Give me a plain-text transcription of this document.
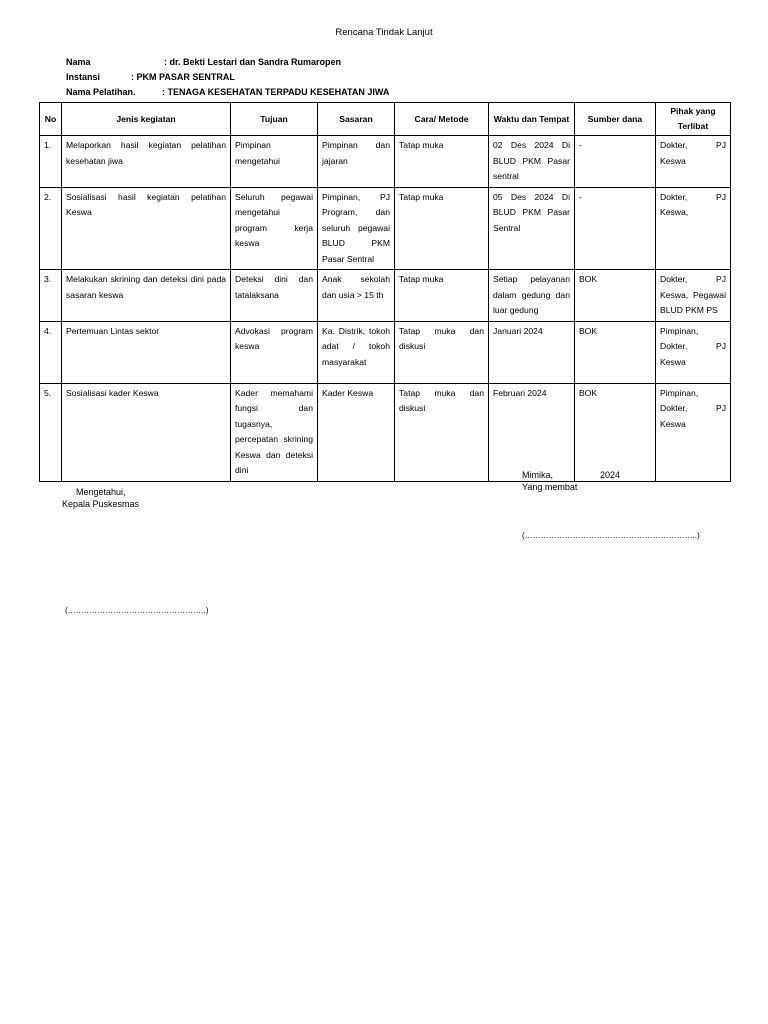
Rencana Tindak Lanjut
Nama	: dr. Bekti Lestari dan Sandra Rumaropen
Instansi	: PKM PASAR SENTRAL
Nama Pelatihan.	: TENAGA KESEHATAN TERPADU KESEHATAN JIWA
No	Jenis kegiatan	Tujuan	Sasaran	Cara/ Metode	Waktu dan Tempat	Sumber dana	Pihak yang Terlibat
1.	Melaporkan hasil kegiatan pelatihan kesehatan jiwa	Pimpinan mengetahui	Pimpinan dan jajaran	Tatap muka	02 Des 2024 Di BLUD PKM Pasar sentral	-	Dokter, PJ Keswa
2.	Sosialisasi hasil kegiatan pelatihan Keswa	Seluruh pegawai mengetahui program kerja keswa	Pimpinan, PJ Program, dan seluruh pegawai BLUD PKM Pasar Sentral	Tatap muka	05 Des 2024 Di BLUD PKM Pasar Sentral	-	Dokter, PJ Keswa,
3.	Melakukan skrining dan deteksi dini pada sasaran keswa	Deteksi dini dan tatalaksana	Anak sekolah dan usia > 15 th	Tatap muka	Setiap pelayanan dalam gedung dan luar gedung	BOK	Dokter, PJ Keswa, Pegawai BLUD PKM PS
4.	Pertemuan Lintas sektor	Advokasi program keswa	Ka. Distrik, tokoh adat / tokoh masyarakat	Tatap muka dan diskusi	Januari 2024	BOK	Pimpinan, Dokter, PJ Keswa
5.	Sosialisasi kader Keswa	Kader memahami fungsi dan tugasnya, percepatan skrining Keswa dan deteksi dini	Kader Keswa	Tatap muka dan diskusi	Februari 2024	BOK	Pimpinan, Dokter, PJ Keswa
Mimika,	2024
Yang membat
(………………………………………………………..)
Mengetahui,
Kepala Puskesmas
(…………………………………………….)
